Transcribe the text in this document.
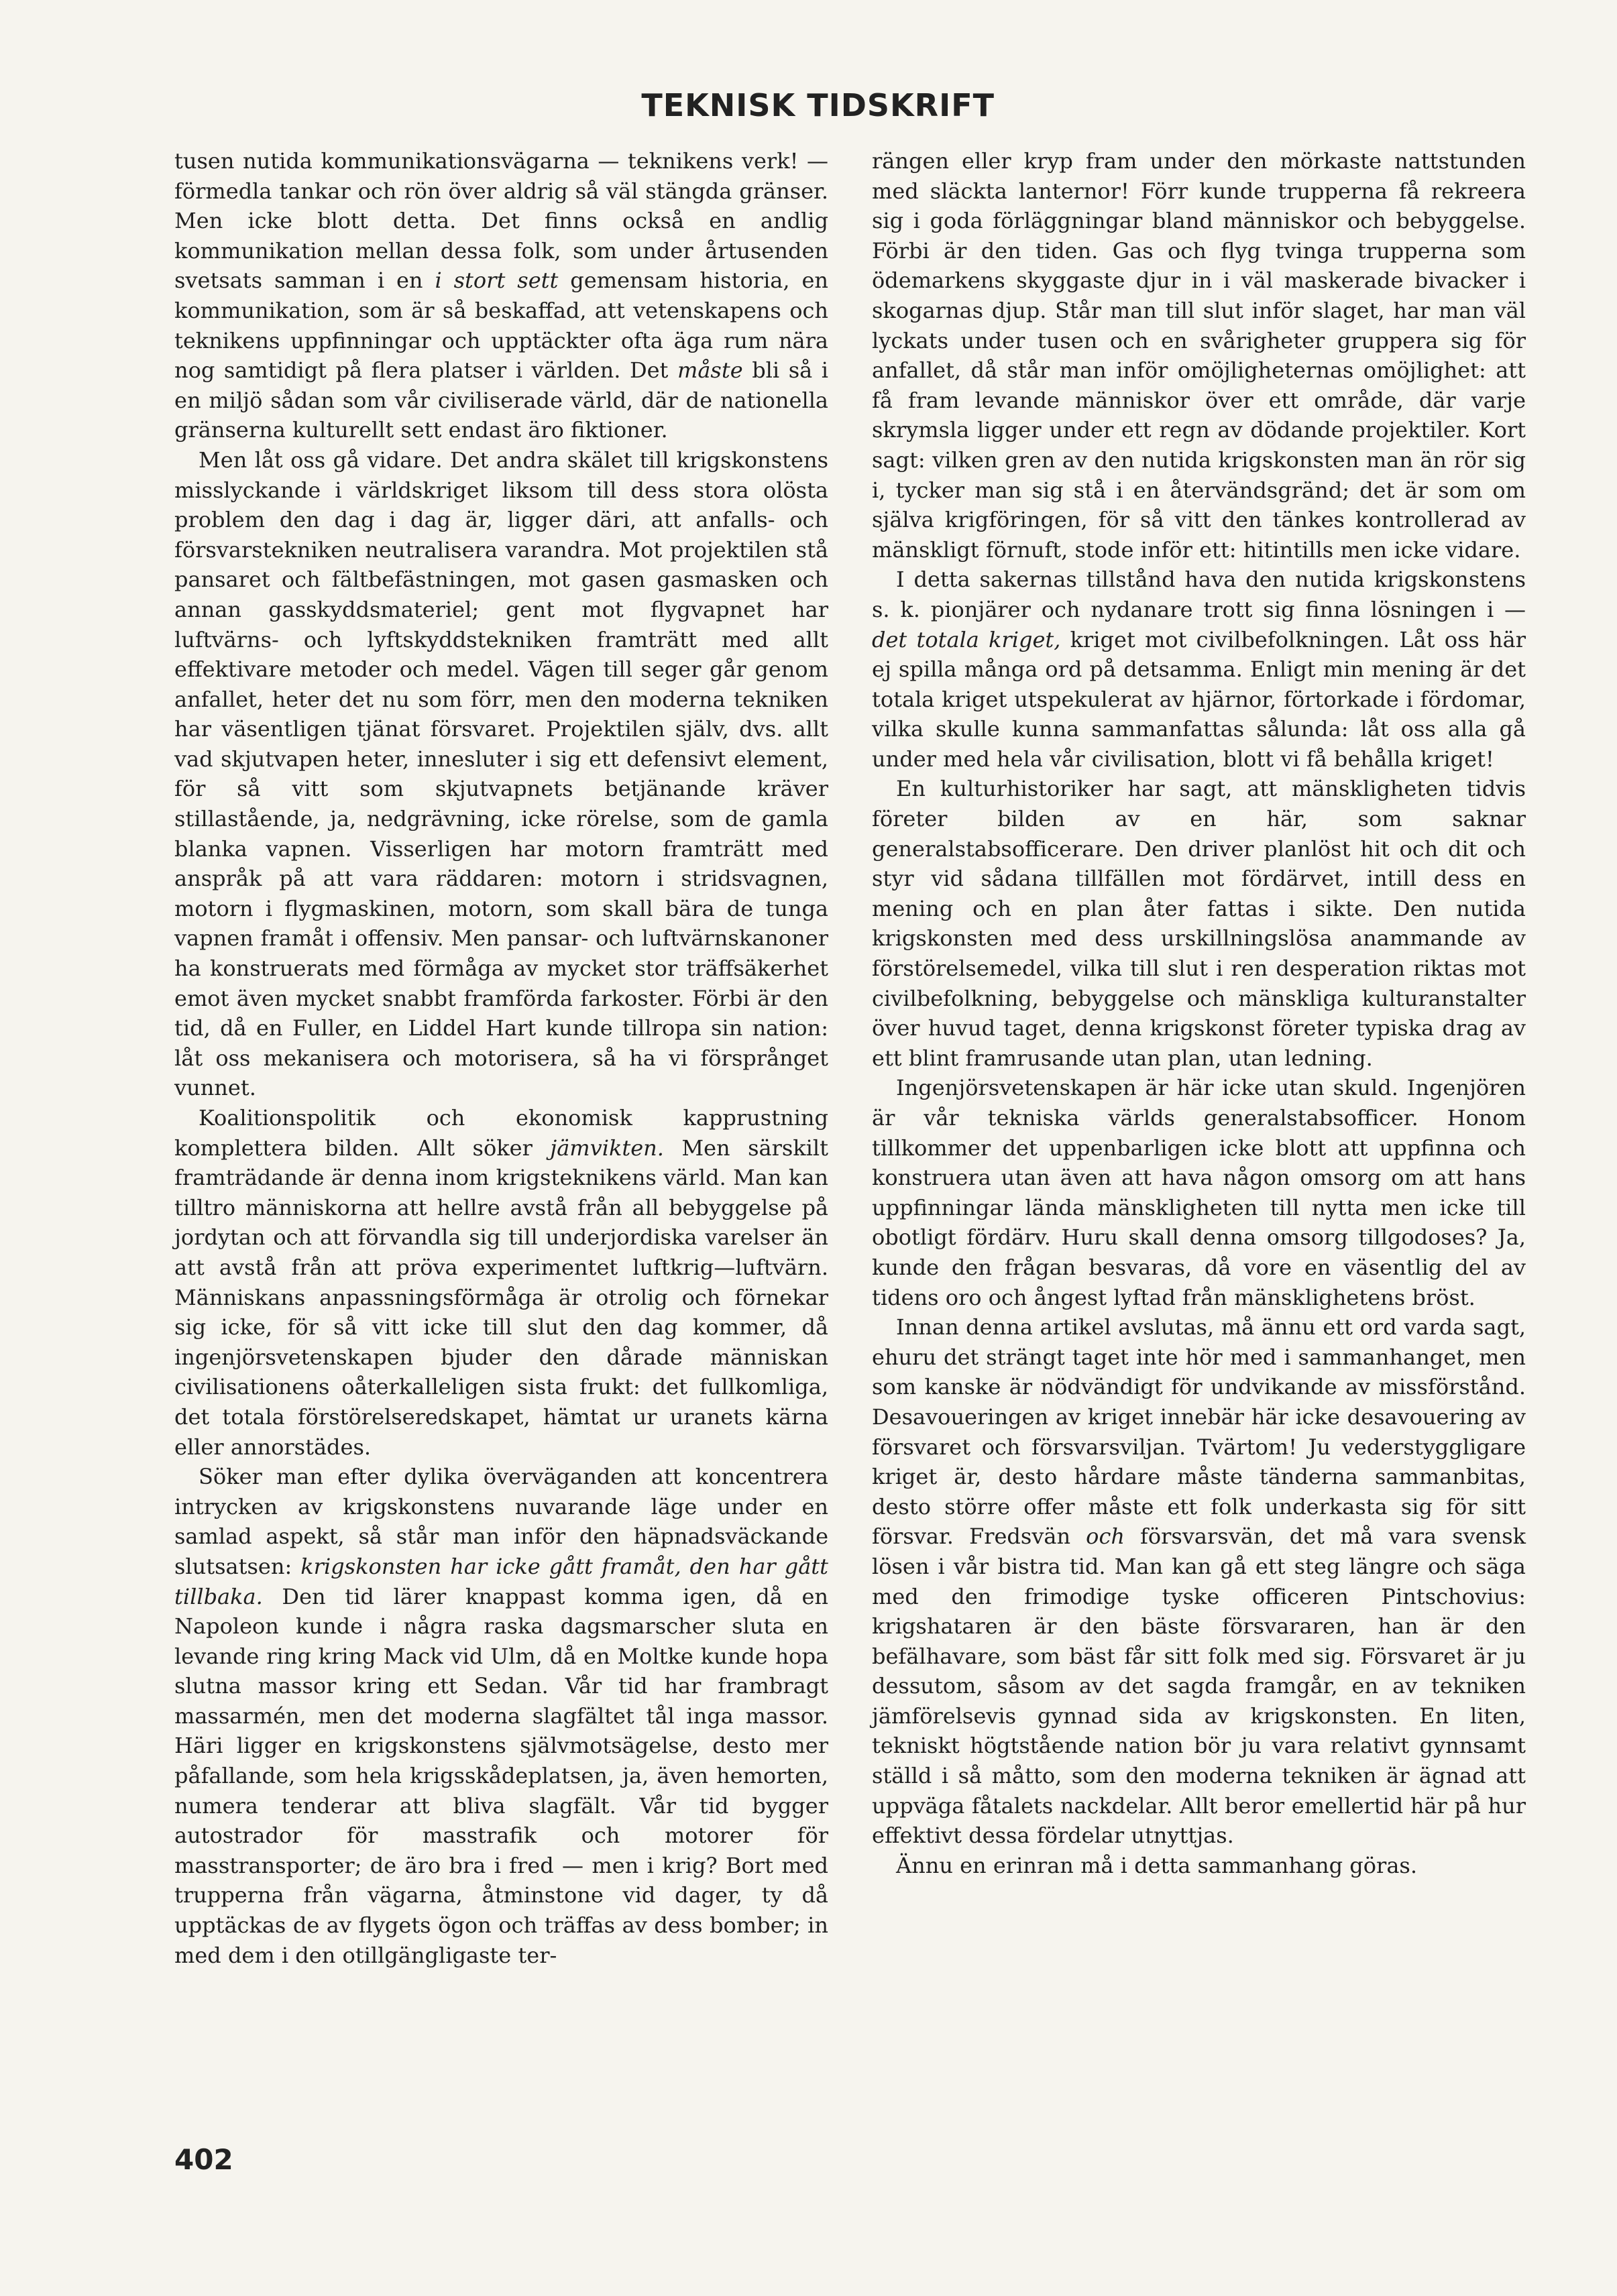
TEKNISK TIDSKRIFT

tusen nutida kommunikationsvägarna — teknikens verk! — förmedla tankar och rön över aldrig så väl stängda gränser. Men icke blott detta. Det finns också en andlig kommunikation mellan dessa folk, som under årtusenden svetsats samman i en i stort sett gemensam historia, en kommunikation, som är så beskaffad, att vetenskapens och teknikens uppfinningar och upptäckter ofta äga rum nära nog samtidigt på flera platser i världen. Det måste bli så i en miljö sådan som vår civiliserade värld, där de nationella gränserna kulturellt sett endast äro fiktioner.

Men låt oss gå vidare. Det andra skälet till krigskonstens misslyckande i världskriget liksom till dess stora olösta problem den dag i dag är, ligger däri, att anfalls- och försvarstekniken neutralisera varandra. Mot projektilen stå pansaret och fältbefästningen, mot gasen gasmasken och annan gasskyddsmateriel; gent mot flygvapnet har luftvärns- och lyftskyddstekniken framträtt med allt effektivare metoder och medel. Vägen till seger går genom anfallet, heter det nu som förr, men den moderna tekniken har väsentligen tjänat försvaret. Projektilen själv, dvs. allt vad skjutvapen heter, innesluter i sig ett defensivt element, för så vitt som skjutvapnets betjänande kräver stillastående, ja, nedgrävning, icke rörelse, som de gamla blanka vapnen. Visserligen har motorn framträtt med anspråk på att vara räddaren: motorn i stridsvagnen, motorn i flygmaskinen, motorn, som skall bära de tunga vapnen framåt i offensiv. Men pansar- och luftvärnskanoner ha konstruerats med förmåga av mycket stor träffsäkerhet emot även mycket snabbt framförda farkoster. Förbi är den tid, då en Fuller, en Liddel Hart kunde tillropa sin nation: låt oss mekanisera och motorisera, så ha vi försprånget vunnet.

Koalitionspolitik och ekonomisk kapprustning komplettera bilden. Allt söker jämvikten. Men särskilt framträdande är denna inom krigsteknikens värld. Man kan tilltro människorna att hellre avstå från all bebyggelse på jordytan och att förvandla sig till underjordiska varelser än att avstå från att pröva experimentet luftkrig—luftvärn. Människans anpassningsförmåga är otrolig och förnekar sig icke, för så vitt icke till slut den dag kommer, då ingenjörsvetenskapen bjuder den dårade människan civilisationens oåterkalleligen sista frukt: det fullkomliga, det totala förstörelseredskapet, hämtat ur uranets kärna eller annorstädes.

Söker man efter dylika överväganden att koncentrera intrycken av krigskonstens nuvarande läge under en samlad aspekt, så står man inför den häpnadsväckande slutsatsen: krigskonsten har icke gått framåt, den har gått tillbaka. Den tid lärer knappast komma igen, då en Napoleon kunde i några raska dagsmarscher sluta en levande ring kring Mack vid Ulm, då en Moltke kunde hopa slutna massor kring ett Sedan. Vår tid har frambragt massarmén, men det moderna slagfältet tål inga massor. Häri ligger en krigskonstens självmotsägelse, desto mer påfallande, som hela krigsskådeplatsen, ja, även hemorten, numera tenderar att bliva slagfält. Vår tid bygger autostrador för masstrafik och motorer för masstransporter; de äro bra i fred — men i krig? Bort med trupperna från vägarna, åtminstone vid dager, ty då upptäckas de av flygets ögon och träffas av dess bomber; in med dem i den otillgängligaste ter-

rängen eller kryp fram under den mörkaste nattstunden med släckta lanternor! Förr kunde trupperna få rekreera sig i goda förläggningar bland människor och bebyggelse. Förbi är den tiden. Gas och flyg tvinga trupperna som ödemarkens skyggaste djur in i väl maskerade bivacker i skogarnas djup. Står man till slut inför slaget, har man väl lyckats under tusen och en svårigheter gruppera sig för anfallet, då står man inför omöjligheternas omöjlighet: att få fram levande människor över ett område, där varje skrymsla ligger under ett regn av dödande projektiler. Kort sagt: vilken gren av den nutida krigskonsten man än rör sig i, tycker man sig stå i en återvändsgränd; det är som om själva krigföringen, för så vitt den tänkes kontrollerad av mänskligt förnuft, stode inför ett: hitintills men icke vidare.

I detta sakernas tillstånd hava den nutida krigskonstens s. k. pionjärer och nydanare trott sig finna lösningen i — det totala kriget, kriget mot civilbefolkningen. Låt oss här ej spilla många ord på detsamma. Enligt min mening är det totala kriget utspekulerat av hjärnor, förtorkade i fördomar, vilka skulle kunna sammanfattas sålunda: låt oss alla gå under med hela vår civilisation, blott vi få behålla kriget!

En kulturhistoriker har sagt, att mänskligheten tidvis företer bilden av en här, som saknar generalstabsofficerare. Den driver planlöst hit och dit och styr vid sådana tillfällen mot fördärvet, intill dess en mening och en plan åter fattas i sikte. Den nutida krigskonsten med dess urskillningslösa anammande av förstörelsemedel, vilka till slut i ren desperation riktas mot civilbefolkning, bebyggelse och mänskliga kulturanstalter över huvud taget, denna krigskonst företer typiska drag av ett blint framrusande utan plan, utan ledning.

Ingenjörsvetenskapen är här icke utan skuld. Ingenjören är vår tekniska världs generalstabsofficer. Honom tillkommer det uppenbarligen icke blott att uppfinna och konstruera utan även att hava någon omsorg om att hans uppfinningar lända mänskligheten till nytta men icke till obotligt fördärv. Huru skall denna omsorg tillgodoses? Ja, kunde den frågan besvaras, då vore en väsentlig del av tidens oro och ångest lyftad från mänsklighetens bröst.

Innan denna artikel avslutas, må ännu ett ord varda sagt, ehuru det strängt taget inte hör med i sammanhanget, men som kanske är nödvändigt för undvikande av missförstånd. Desavoueringen av kriget innebär här icke desavouering av försvaret och försvarsviljan. Tvärtom! Ju vederstyggligare kriget är, desto hårdare måste tänderna sammanbitas, desto större offer måste ett folk underkasta sig för sitt försvar. Fredsvän och försvarsvän, det må vara svensk lösen i vår bistra tid. Man kan gå ett steg längre och säga med den frimodige tyske officeren Pintschovius: krigshataren är den bäste försvararen, han är den befälhavare, som bäst får sitt folk med sig. Försvaret är ju dessutom, såsom av det sagda framgår, en av tekniken jämförelsevis gynnad sida av krigskonsten. En liten, tekniskt högtstående nation bör ju vara relativt gynnsamt ställd i så måtto, som den moderna tekniken är ägnad att uppväga fåtalets nackdelar. Allt beror emellertid här på hur effektivt dessa fördelar utnyttjas.

Ännu en erinran må i detta sammanhang göras.

402
